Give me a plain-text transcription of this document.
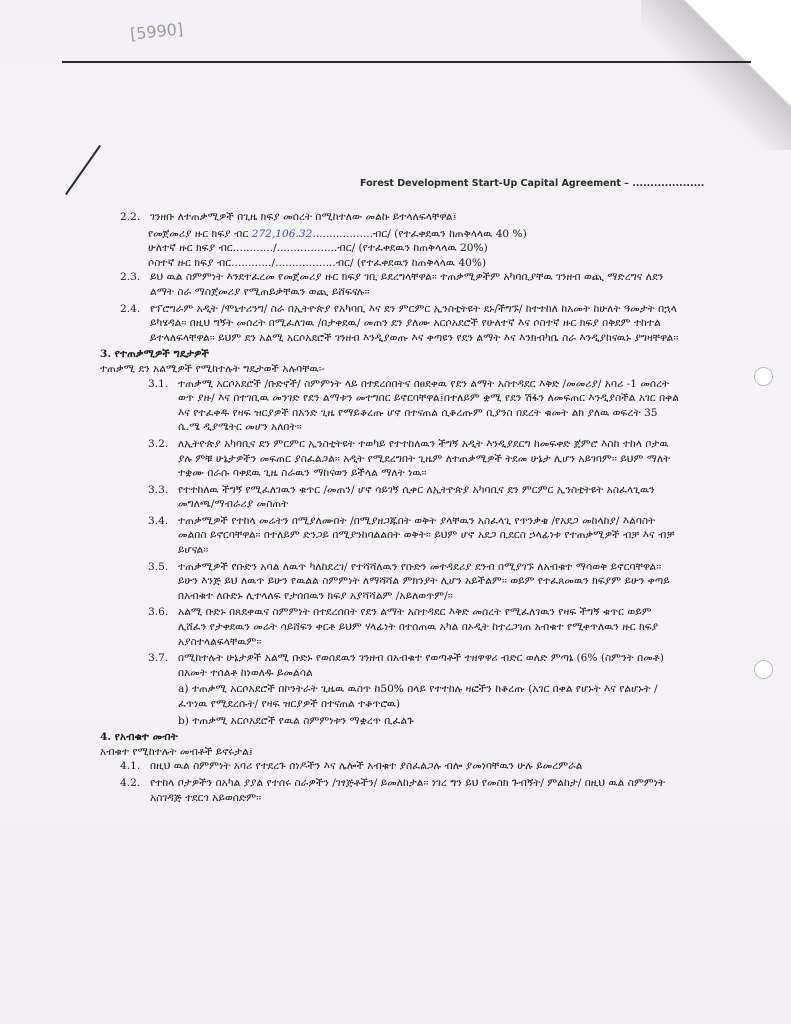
[5990]
Forest Development Start-Up Capital Agreement – ....................
2.2. ገንዘቡ ለተጠቃሚዎች በጊዜ ክፍያ መሰረት በሚከተለው መልኩ ይተላለፍላቸዋል፤
የመጀመሪያ ዙር ክፍያ ብር 272,106.32..................ብር/ (የተፈቀደዉን ከጠቅላላዉ 40 %)
ሁለተኛ ዙር ክፍያ ብር............/..................ብር/ (የተፈቀደዉን ከጠቅላላዉ 20%)
ሶስተኛ ዙር ክፍያ ብር............/..................ብር/ (የተፈቀደዉን ከጠቅላላዉ 40%)
2.3. ይህ ዉል ስምምነት እንደተፈረመ የመጀመሪያ ዙር ክፍያ ገቢ ይደረግላቸዋል፡፡ ተጠቃሚዎችም አካባቢያቸዉ ገንዘብ ወጪ ማድረግና ለደን ልማት ስራ ማስጀመሪያ የሚጠይቃቸዉን ወጪ ይሸፍናሉ፡፡
2.4. የፕሮግራም አዲት /ሞኒተሪንግ/ ስራ በኢትዮጵያ የአካባቢ እና ደን ምርምር ኢንስቲትዩት ደኑ/ችግኙ/ ከተተከለ ከአመት ከሁለት ዓመታት በኋላ ይካሄዳል፡፡ በዚህ ግኝት መሰረት በሚፈለገዉ /በታቀደዉ/ መጠን ደን ያለሙ አርሶአደሮች የሁለተኛ እና ሶስተኛ ዙር ክፍያ በቅደም ተከተል ይተላለፍላቸዋል፡፡ ይህም ደን አልሚ አርሶአደሮች ገንዘብ እንዲያወጡ እና ቀጣዩን የደን ልማት እና እንክብካቤ ስራ እንዲያከናዉኑ ያግዛቸዋል፡፡
3. የተጠቃሚዎች ግዴታዎች
ተጠቃሚ ደን አልሚዎች የሚከተሉት ግዴታወች አሉባቸዉ፡-
3.1. ተጠቃሚ አርሶአደሮች /ቡድኖች/ ስምምነት ላይ በተደረሰበትና በፀደቀዉ የደን ልማት አስተዳደር እቅድ /መመሪያ/ አባሪ -1 መሰረት ወጥ ያዙ/ እና በተገቢዉ መንገድ የደን ልማቱን መተግበር ይኖርባቸዋል፤በተለይም ቋሚ የደን ሽፋን ለመፍጠር እንዲያስችል አገር በቀል እና የተፈቀዱ የዛፍ ዝርያዎች በአንድ ጊዜ የማይቆረጡ ሆኖ በተናጠል ሲቆረጡም ቢያንስ በደረት ቁመት ልክ ያለዉ ወፍረት 35 ሴ.ሜ ዲያሜትር መሆን አለበት፡፡
3.2. ለኢትዮጵያ አካባቢና ደን ምርምር ኢንስቲትዩት ተወካይ የተተከለዉን ችግኝ አዲት እንዲያደርግ ከመፍቀድ ጀምሮ እስከ ተከላ ቦታዉ ያሉ ምቹ ሁኔታዎችን መፍጠር ያስፈልጋል፡፡ አዲት የሚደረግበት ጊዜም ለተጠቃሚዎች ትደመ ሁኔታ ሊሆን አይገባም፡፡ ይህም ማለት ተቋሙ በራሱ ባቀደዉ ጊዜ ስራዉን ማከናወን ይችላል ማለት ነዉ፡፡
3.3. የተተከለዉ ችግኝ የሚፈለገዉን ቁጥር /መጠን/ ሆኖ ሳይገኝ ሲቀር ለኢትዮጵያ አካባቢና ደን ምርምር ኢንስቲትዩት አስፈላጊዉን መግለጫ/ማብራሪያ መስጠት
3.4. ተጠቃሚዎች የተከላ መሬትን በሚያለሙበት /በሚያዘጋጁበት ወቅት ያላቸዉን አስፈላጊ የጥንቃቄ /የአደጋ መከላከያ/ እልባስት መልበስ ይኖርባቸዋል፡፡ በተለይም ድንጋይ በሚያንከባልልበት ወቅት፡፡ ይህም ሆኖ አደጋ ቢደርስ ኃላፊነቱ የተጠቃሚዎች ብቻ እና ብቻ ይሆናል፡፡
3.5. ተጠቃሚዎች የቡድን አባል ለዉጥ ካለከደረገ/ የተሻሻለዉን የቡድን መተዳደሪያ ደንብ በሚያገኙ ለአብቁተ ማሳወቅ ይኖርባቸዋል፡፡ ይሁን እንጅ ይህ ለዉጥ ይሁን የዉልል ስምምነት ለማሻሻል ምክንያት ሊሆን አይችልም፡፡ ወይም የተፈጸመዉን ክፍያም ይሁን ቀጣይ በአብቁተ ለቡድኑ ሊተላለፍ የታሰበዉን ክፍያ አያሻሻልም /አይለወጥም/፡፡
3.6. አልሚ ቡድኑ በጸደቀዉና ስምምነት በተደረሰበት የደን ልማት አስተዳደር እቅድ መሰረት የሚፈለገዉን የዛፍ ችግኝ ቁጥር ወይም ሊሸፈን የታቀደዉን መሬት ሳይሸፍን ቀርቶ ይህም ሃላፊነት በተሰጠዉ አካል በኦዲት ከተረጋገጠ አብቁተ የሚቀጥለዉን ዙር ክፍያ አያስተላልፍላቸዉም፡፡
3.7. በሚከተሉት ሁኔታዎች አልሚ ቡድኑ የወሰደዉን ገንዘብ በአብቁተ የወጣቶች ተዘዋዋሪ ብድር ወለድ ምጣኔ (6% (ስምንት በመቶ) በአመት ተሰልቶ ከነወለዱ ይመልሳል
a) ተጠቃሚ አርሶአደሮች በኮንትራት ጊዜዉ ዉስጥ ከ50% በላይ የተተከሉ ዛፎችን ከቆረጡ (አገር በቀል የሆኑት እና የልሆኑት /ፈጥነዉ የሚደረሱት/ የዛፍ ዝርያዎች በተናጠል ተቆጥሮዉ)
b) ተጠቃሚ አርሶአደሮች የዉል ስምምነቱን ማቋረጥ ቢፈልጉ
4. የአብቁተ መብት
አብቁተ የሚከተሉት መብቶች ይኖሩታል፤
4.1. በዚህ ዉል ስምምነት አባሪ የተደረጉ ሰነዶችን እና ሌሎች አብቁተ ያስፈልጋሉ ብሎ ያመነባቸዉን ሁሉ ይመረምራል
4.2. የተከላ ቦታዎችን በአካል ያያል የተሰሩ ስራዎችን /ገፃጅቶችን/ ይመለከታል፡፡ ነገረ ግን ይህ የመስክ ጉብኝት/ ምልከታ/ በዚህ ዉል ስምምነት አስገዳጅ ተደርጎ አይወሰድም፡፡
